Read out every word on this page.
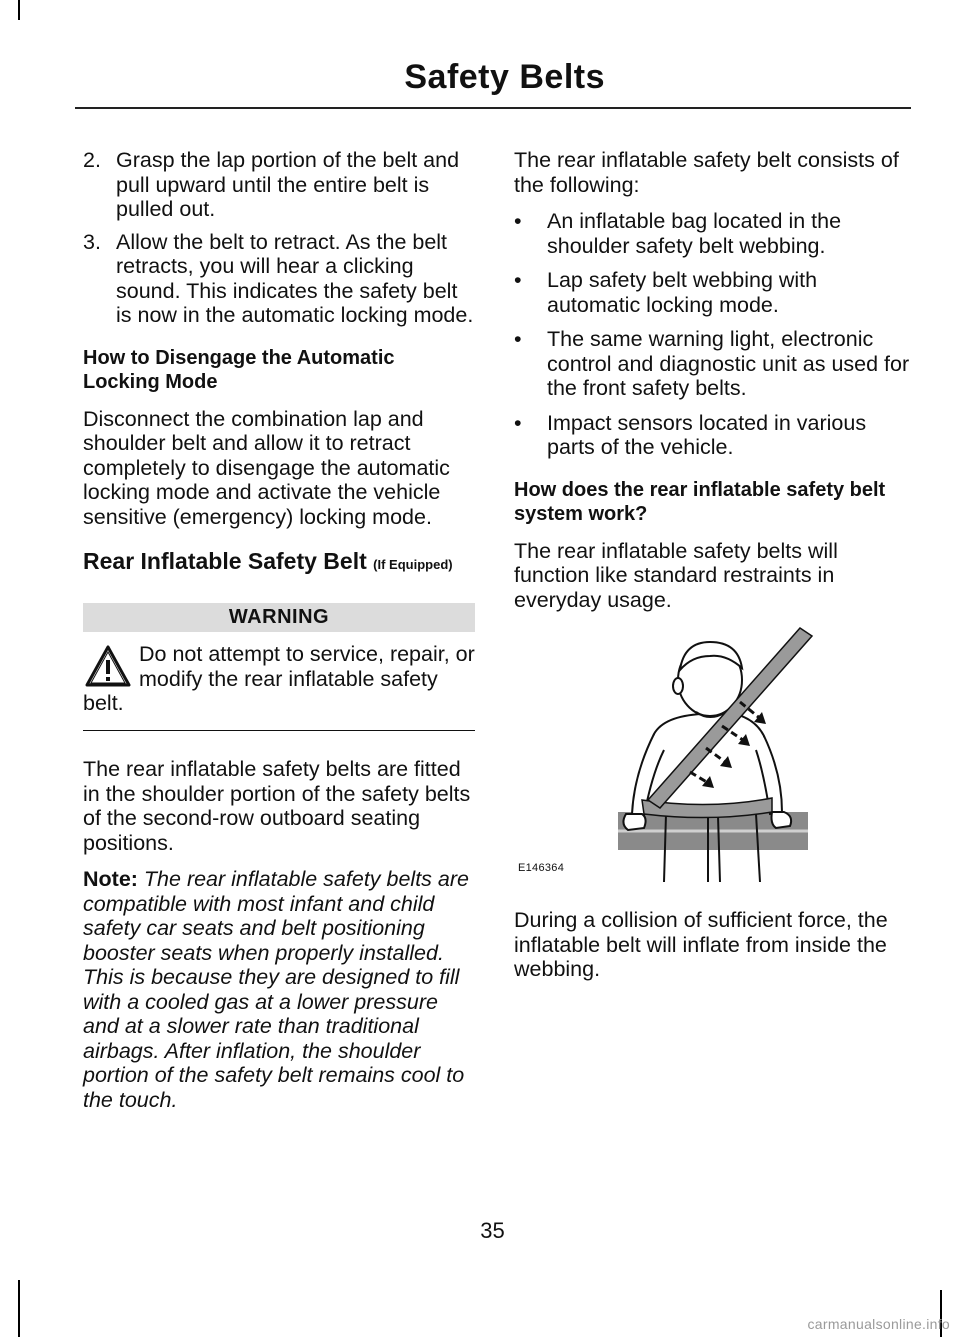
Safety Belts
2. Grasp the lap portion of the belt and pull upward until the entire belt is pulled out.
3. Allow the belt to retract. As the belt retracts, you will hear a clicking sound. This indicates the safety belt is now in the automatic locking mode.
How to Disengage the Automatic Locking Mode

Disconnect the combination lap and shoulder belt and allow it to retract completely to disengage the automatic locking mode and activate the vehicle sensitive (emergency) locking mode.

Rear Inflatable Safety Belt (If Equipped)
WARNING
Do not attempt to service, repair, or modify the rear inflatable safety belt.

The rear inflatable safety belts are fitted in the shoulder portion of the safety belts of the second-row outboard seating positions.

Note: The rear inflatable safety belts are compatible with most infant and child safety car seats and belt positioning booster seats when properly installed. This is because they are designed to fill with a cooled gas at a lower pressure and at a slower rate than traditional airbags. After inflation, the shoulder portion of the safety belt remains cool to the touch.

The rear inflatable safety belt consists of the following:

•	An inflatable bag located in the shoulder safety belt webbing.
•	Lap safety belt webbing with automatic locking mode.
•	The same warning light, electronic control and diagnostic unit as used for the front safety belts.
•	Impact sensors located in various parts of the vehicle.
How does the rear inflatable safety belt system work?

The rear inflatable safety belts will function like standard restraints in everyday usage.

E146364

During a collision of sufficient force, the inflatable belt will inflate from inside the webbing.

35
carmanualsonline.info
